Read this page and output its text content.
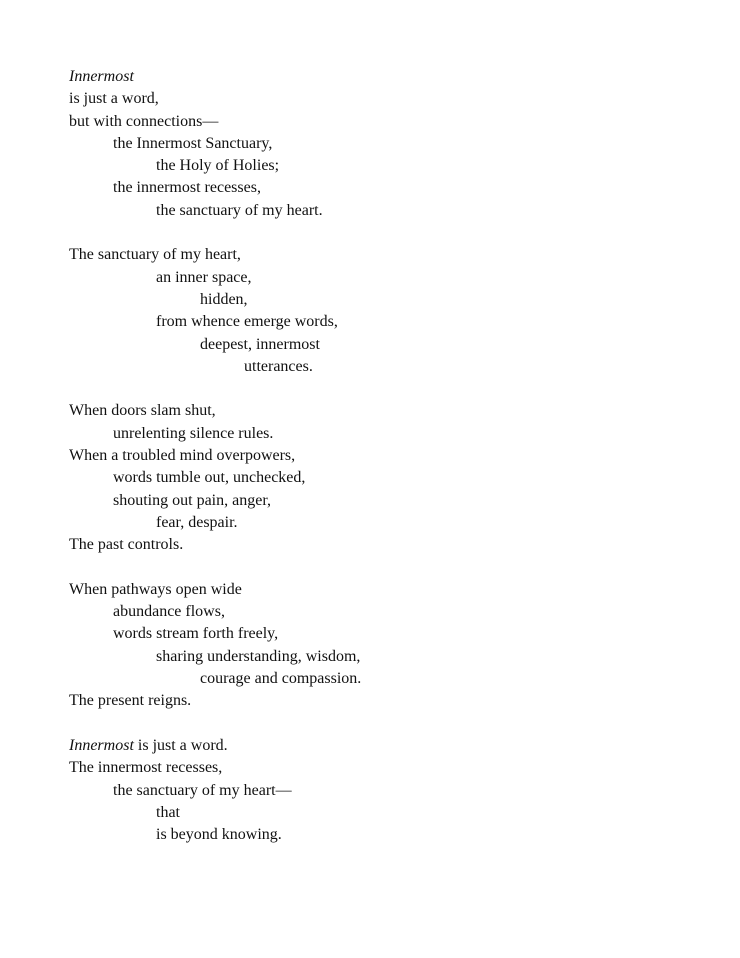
Innermost
is just a word,
but with connections—
the Innermost Sanctuary,
the Holy of Holies;
the innermost recesses,
the sanctuary of my heart.
The sanctuary of my heart,
an inner space,
hidden,
from whence emerge words,
deepest, innermost
utterances.
When doors slam shut,
unrelenting silence rules.
When a troubled mind overpowers,
words tumble out, unchecked,
shouting out pain, anger,
fear, despair.
The past controls.
When pathways open wide
abundance flows,
words stream forth freely,
sharing understanding, wisdom,
courage and compassion.
The present reigns.
Innermost is just a word.
The innermost recesses,
the sanctuary of my heart—
that
is beyond knowing.
